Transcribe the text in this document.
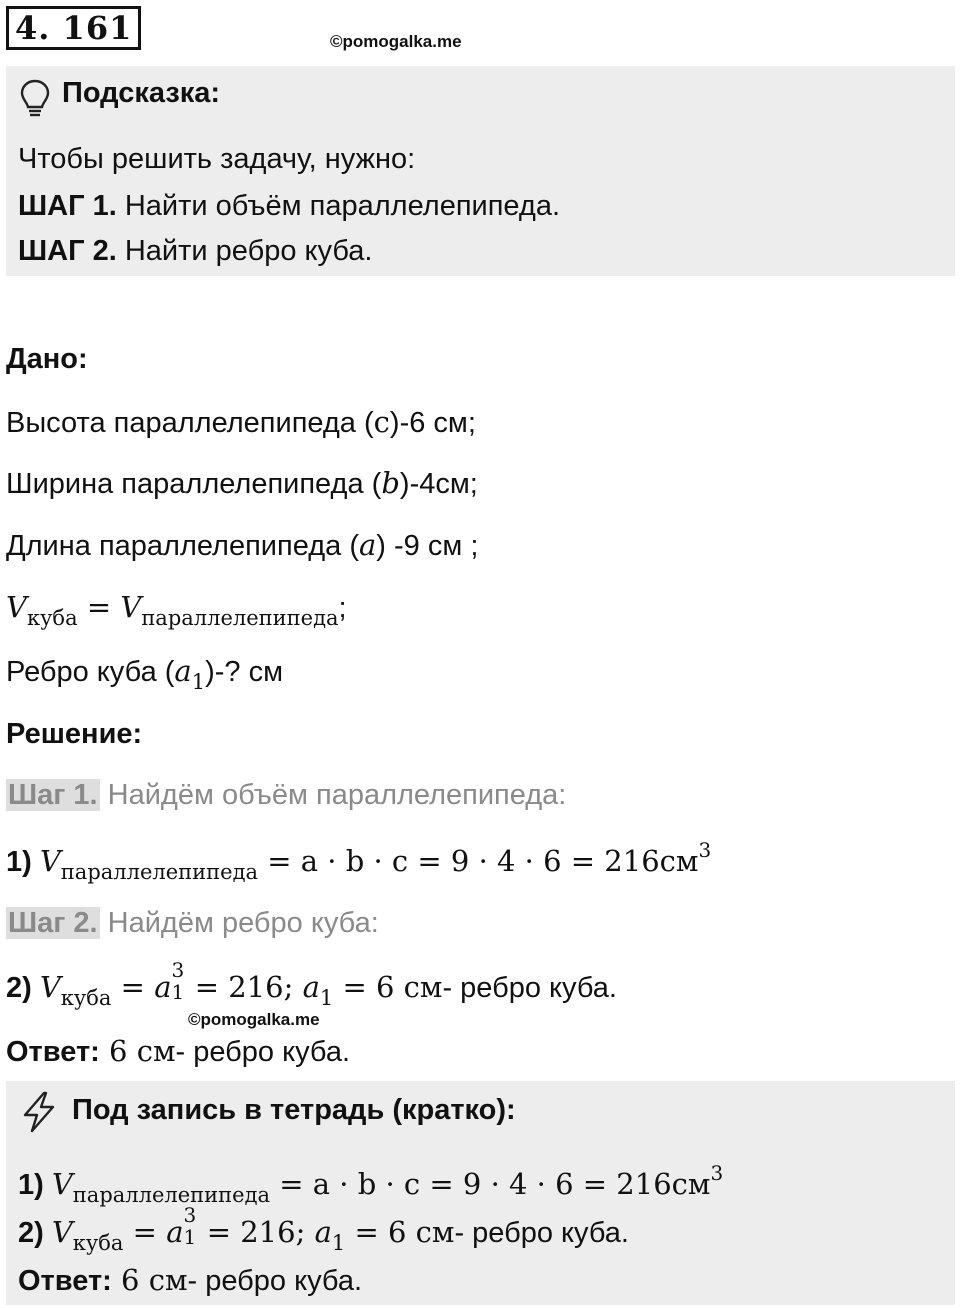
4. 161	©pomogalka.me
Подсказка:
Чтобы решить задачу, нужно:
ШАГ 1. Найти объём параллелепипеда.
ШАГ 2. Найти ребро куба.
Дано:
Высота параллелепипеда (c)-6 см;
Ширина параллелепипеда (b)-4см;
Длина параллелепипеда (a) -9 см ;
$V_{куба} = V_{параллелепипеда}$;
Ребро куба $(a_1)-$? см
Решение:
Шаг 1. Найдём объём параллелепипеда:
1) $V_{параллелепипеда} = a \cdot b \cdot c = 9 \cdot 4 \cdot 6 = 216см^3$
Шаг 2. Найдём ребро куба:
2) $V_{куба} = a$ 3
1 = 216; $a_1 = 6$ см- ребро куба.
©pomogalka.me
Ответ: 6 см- ребро куба.
Под запись в тетрадь (кратко):
1) $V_{параллелепипеда} = a \cdot b \cdot c = 9 \cdot 4 \cdot 6 = 216см^3$
2) $V_{куба} = a$ 3
1 = 216; $a_1 = 6$ см- ребро куба.
Ответ: 6 см- ребро куба.
